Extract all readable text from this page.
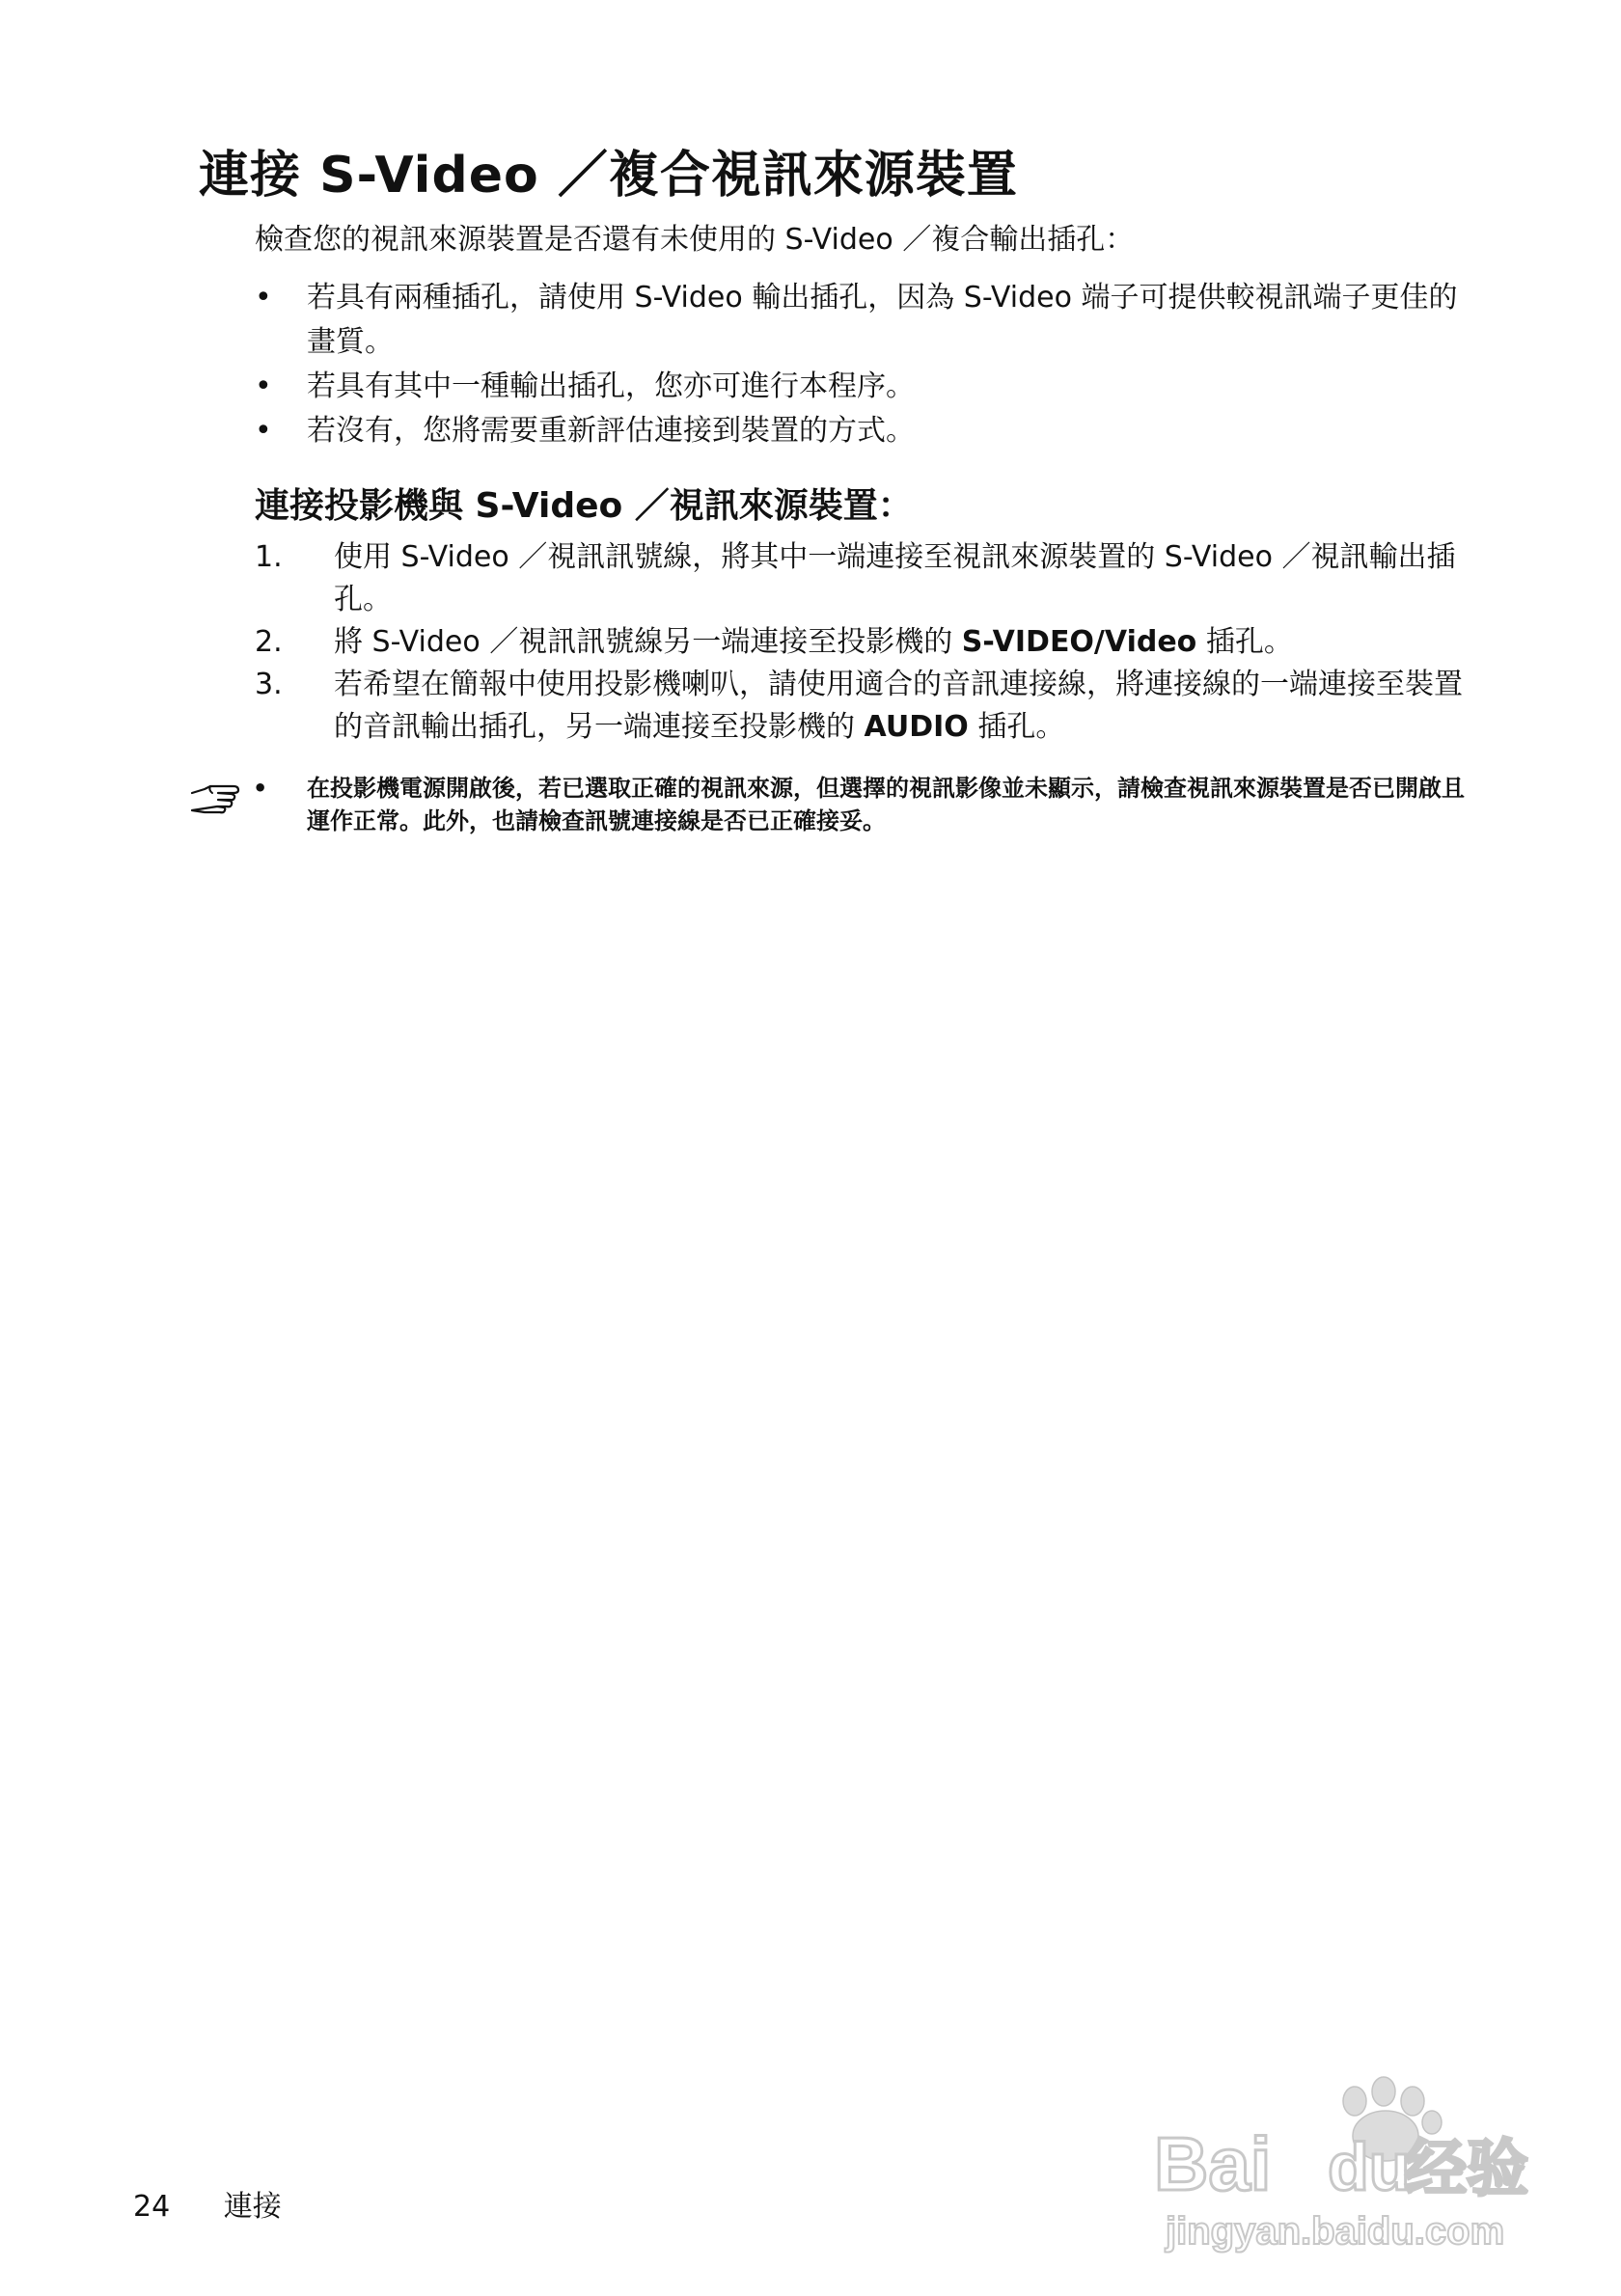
連接 S-Video ／複合視訊來源裝置
檢查您的視訊來源裝置是否還有未使用的 S-Video ／複合輸出插孔：
• 若具有兩種插孔，請使用 S-Video 輸出插孔，因為 S-Video 端子可提供較視訊端子更佳的畫質。
• 若具有其中一種輸出插孔，您亦可進行本程序。
• 若沒有，您將需要重新評估連接到裝置的方式。
連接投影機與 S-Video ／視訊來源裝置：
1.	使用 S-Video ／視訊訊號線，將其中一端連接至視訊來源裝置的 S-Video ／視訊輸出插孔。
2.	將 S-Video ／視訊訊號線另一端連接至投影機的 S-VIDEO/Video 插孔。
3.	若希望在簡報中使用投影機喇叭，請使用適合的音訊連接線，將連接線的一端連接至裝置的音訊輸出插孔，另一端連接至投影機的 AUDIO 插孔。
• 在投影機電源開啟後，若已選取正確的視訊來源，但選擇的視訊影像並未顯示，請檢查視訊來源裝置是否已開啟且運作正常。此外，也請檢查訊號連接線是否已正確接妥。
24 連接
Bai du
经验
jingyan.baidu.com
